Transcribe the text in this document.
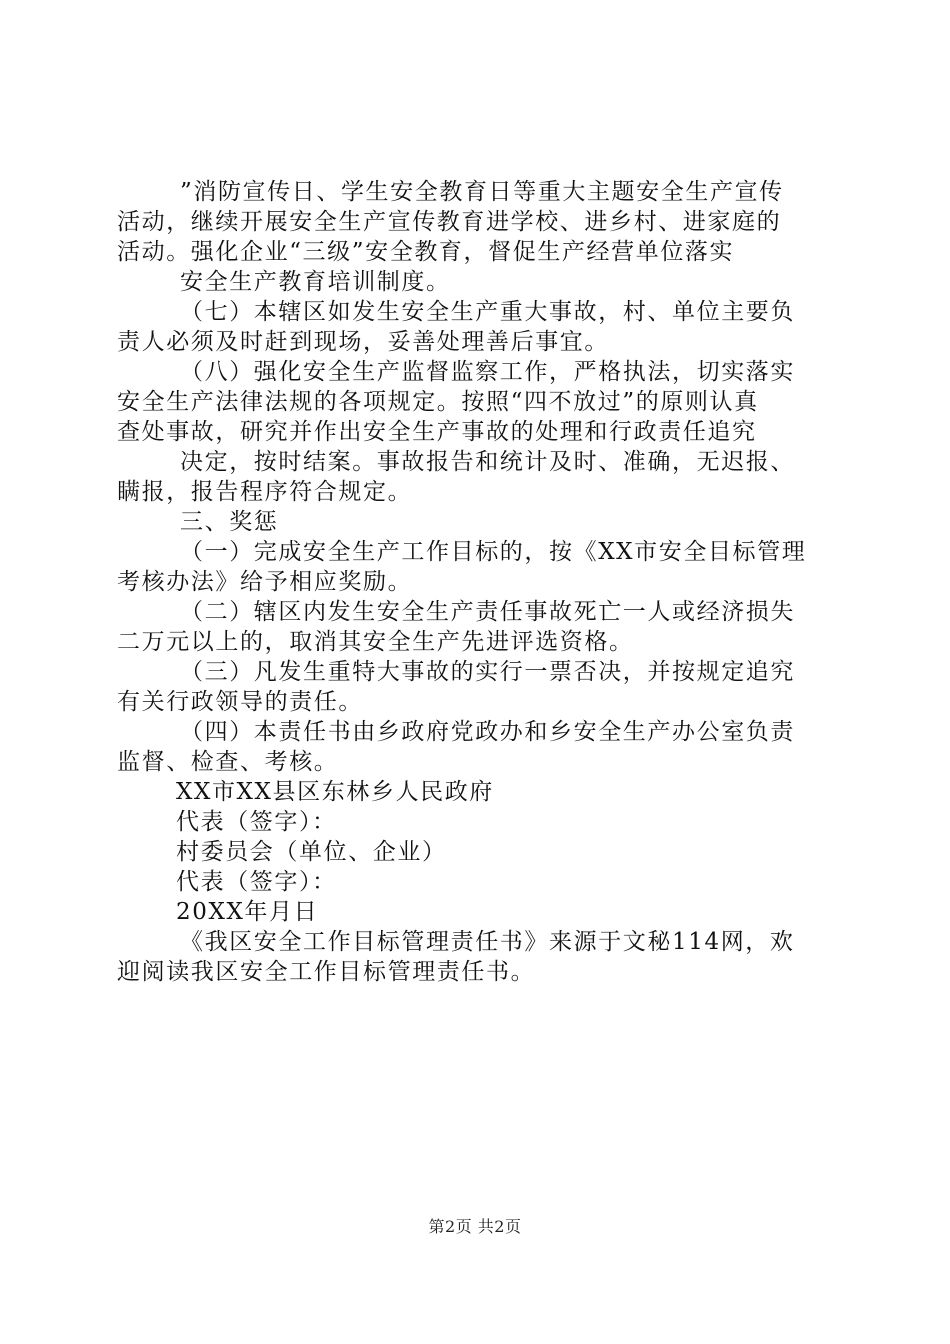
”消防宣传日、学生安全教育日等重大主题安全生产宣传
活动，继续开展安全生产宣传教育进学校、进乡村、进家庭的
活动。强化企业“三级”安全教育，督促生产经营单位落实
安全生产教育培训制度。
（七）本辖区如发生安全生产重大事故，村、单位主要负
责人必须及时赶到现场，妥善处理善后事宜。
（八）强化安全生产监督监察工作，严格执法，切实落实
安全生产法律法规的各项规定。按照“四不放过”的原则认真
查处事故，研究并作出安全生产事故的处理和行政责任追究
决定，按时结案。事故报告和统计及时、准确，无迟报、
瞒报，报告程序符合规定。
三、奖惩
（一）完成安全生产工作目标的，按《XX市安全目标管理
考核办法》给予相应奖励。
（二）辖区内发生安全生产责任事故死亡一人或经济损失
二万元以上的，取消其安全生产先进评选资格。
（三）凡发生重特大事故的实行一票否决，并按规定追究
有关行政领导的责任。
（四）本责任书由乡政府党政办和乡安全生产办公室负责
监督、检查、考核。
XX市XX县区东林乡人民政府
代表（签字）：
村委员会（单位、企业）
代表（签字）：
20XX年月日
《我区安全工作目标管理责任书》来源于文秘114网，欢
迎阅读我区安全工作目标管理责任书。
第2页 共2页
